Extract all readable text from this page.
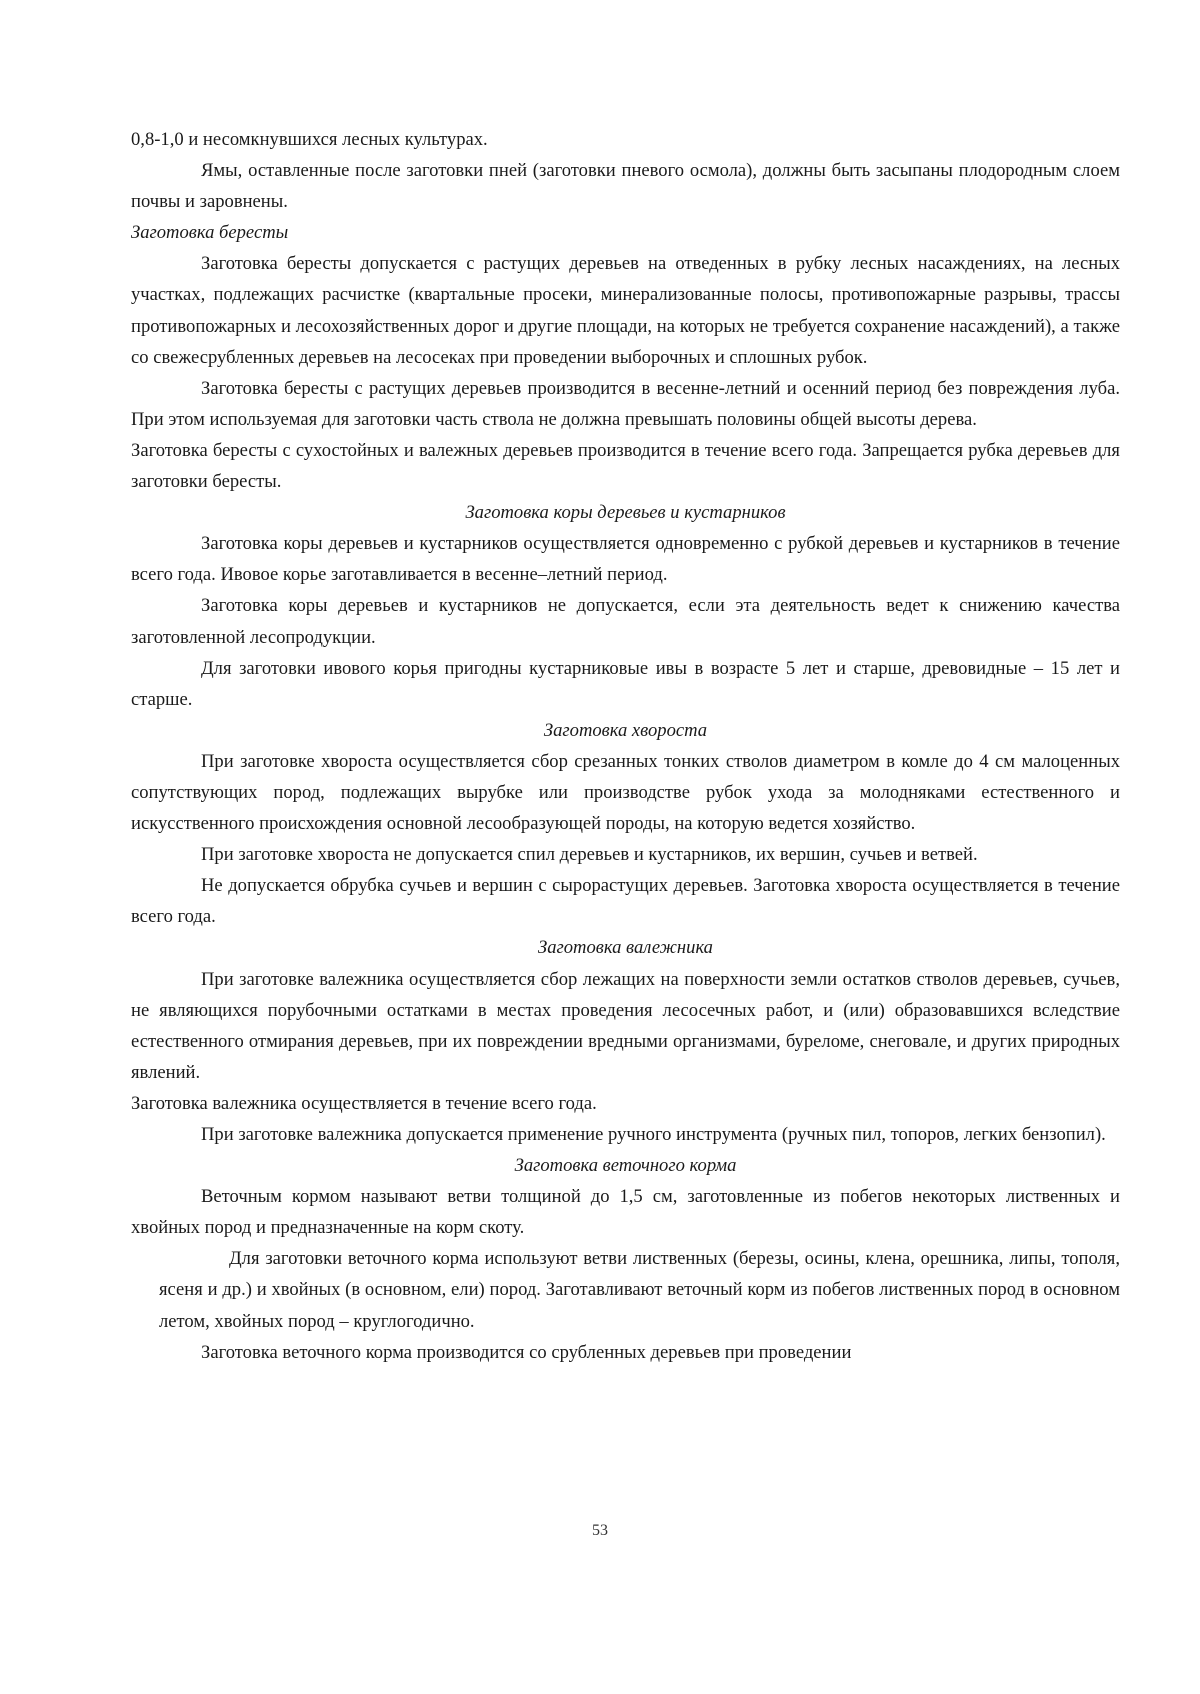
0,8-1,0 и несомкнувшихся лесных культурах.

Ямы, оставленные после заготовки пней (заготовки пневого осмола), должны быть засыпаны плодородным слоем почвы и заровнены.

Заготовка бересты

Заготовка бересты допускается с растущих деревьев на отведенных в рубку лесных насаждениях, на лесных участках, подлежащих расчистке (квартальные просеки, минерализованные полосы, противопожарные разрывы, трассы противопожарных и лесохозяйственных дорог и другие площади, на которых не требуется сохранение насаждений), а также со свежесрубленных деревьев на лесосеках при проведении выборочных и сплошных рубок.

Заготовка бересты с растущих деревьев производится в весенне-летний и осенний период без повреждения луба. При этом используемая для заготовки часть ствола не должна превышать половины общей высоты дерева.

Заготовка бересты с сухостойных и валежных деревьев производится в течение всего года. Запрещается рубка деревьев для заготовки бересты.

Заготовка коры деревьев и кустарников

Заготовка коры деревьев и кустарников осуществляется одновременно с рубкой деревьев и кустарников в течение всего года. Ивовое корье заготавливается в весенне–летний период.

Заготовка коры деревьев и кустарников не допускается, если эта деятельность ведет к снижению качества заготовленной лесопродукции.

Для заготовки ивового корья пригодны кустарниковые ивы в возрасте 5 лет и старше, древовидные – 15 лет и старше.

Заготовка хвороста

При заготовке хвороста осуществляется сбор срезанных тонких стволов диаметром в комле до 4 см малоценных сопутствующих пород, подлежащих вырубке или производстве рубок ухода за молодняками естественного и искусственного происхождения основной лесообразующей породы, на которую ведется хозяйство.

При заготовке хвороста не допускается спил деревьев и кустарников, их вершин, сучьев и ветвей.

Не допускается обрубка сучьев и вершин с сырорастущих деревьев. Заготовка хвороста осуществляется в течение всего года.

Заготовка валежника

При заготовке валежника осуществляется сбор лежащих на поверхности земли остатков стволов деревьев, сучьев, не являющихся порубочными остатками в местах проведения лесосечных работ, и (или) образовавшихся вследствие естественного отмирания деревьев, при их повреждении вредными организмами, буреломе, снеговале, и других природных явлений.

Заготовка валежника осуществляется в течение всего года.

При заготовке валежника допускается применение ручного инструмента (ручных пил, топоров, легких бензопил).

Заготовка веточного корма

Веточным кормом называют ветви толщиной до 1,5 см, заготовленные из побегов некоторых лиственных и хвойных пород и предназначенные на корм скоту.

Для заготовки веточного корма используют ветви лиственных (березы, осины, клена, орешника, липы, тополя, ясеня и др.) и хвойных (в основном, ели) пород. Заготавливают веточный корм из побегов лиственных пород в основном летом, хвойных пород – круглогодично.

Заготовка веточного корма производится со срубленных деревьев при проведении

53
